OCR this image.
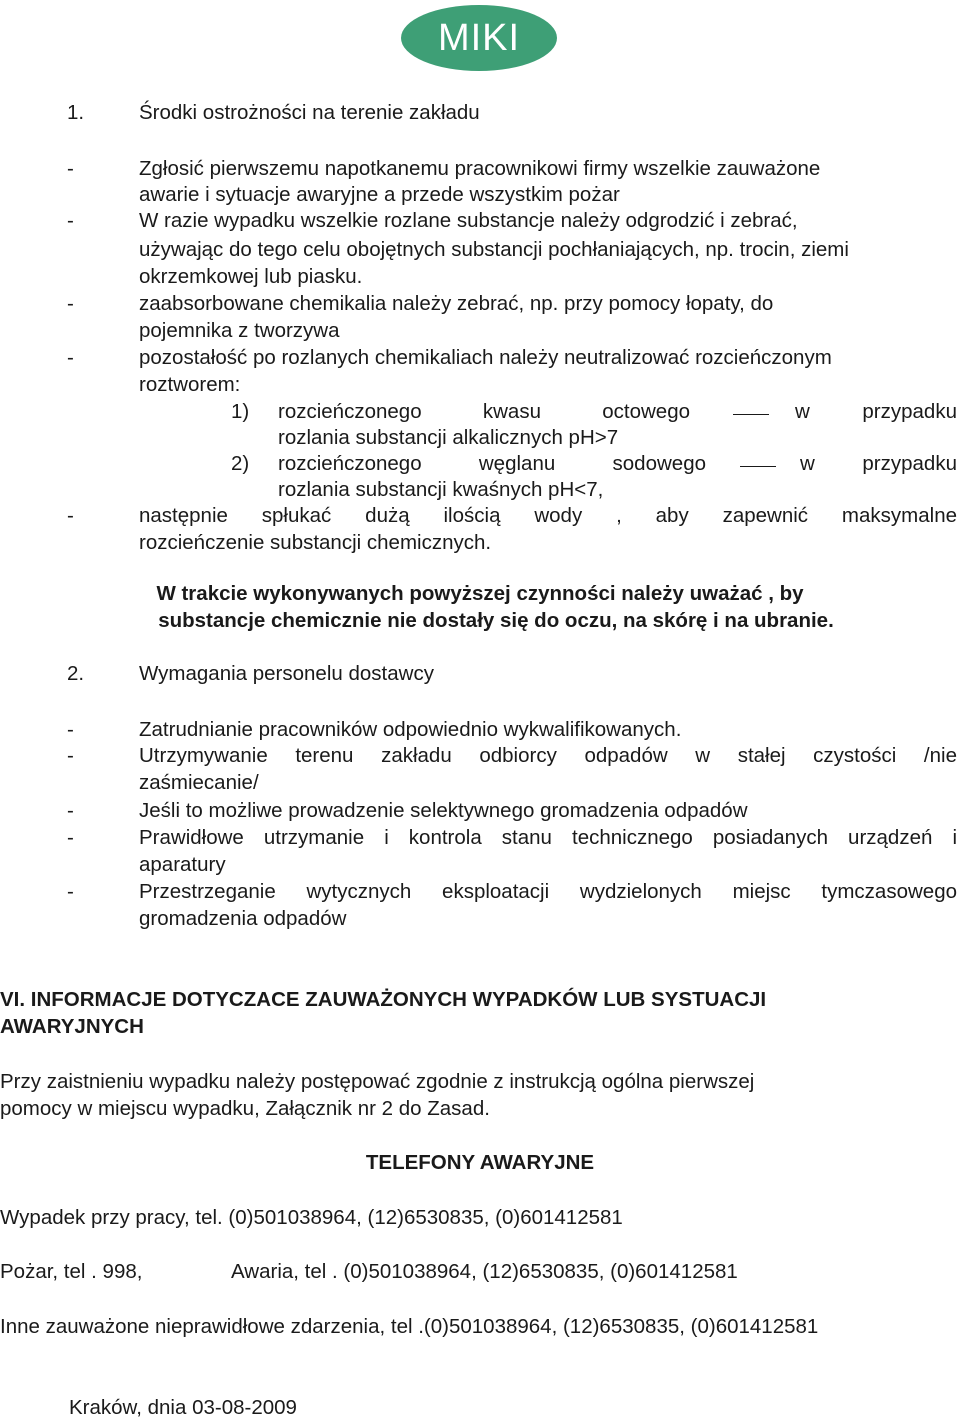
MIKI
1.	Środki ostrożności na terenie zakładu
-	Zgłosić pierwszemu napotkanemu pracownikowi firmy wszelkie zauważone
awarie i sytuacje awaryjne a przede wszystkim pożar
-	W razie wypadku wszelkie rozlane substancje należy odgrodzić i zebrać,
używając do tego celu obojętnych substancji pochłaniających, np. trocin, ziemi
okrzemkowej lub piasku.
-	zaabsorbowane chemikalia należy zebrać, np. przy pomocy łopaty, do
pojemnika z tworzywa
-	pozostałość po rozlanych chemikaliach należy neutralizować rozcieńczonym
roztworem:
1) rozcieńczonego kwasu octowego	w przypadku
rozlania substancji alkalicznych pH>7
2) rozcieńczonego węglanu sodowego	w przypadku
rozlania substancji kwaśnych pH<7,
-	następnie spłukać dużą ilością wody , aby zapewnić maksymalne
rozcieńczenie substancji chemicznych.
W trakcie wykonywanych powyższej czynności należy uważać , by
substancje chemicznie nie dostały się do oczu, na skórę i na ubranie.
2.	Wymagania personelu dostawcy
-	Zatrudnianie pracowników odpowiednio wykwalifikowanych.
-	Utrzymywanie terenu zakładu odbiorcy odpadów w stałej czystości /nie
zaśmiecanie/
-	Jeśli to możliwe prowadzenie selektywnego gromadzenia odpadów
-	Prawidłowe utrzymanie i kontrola stanu technicznego posiadanych urządzeń i
aparatury
-	Przestrzeganie wytycznych eksploatacji wydzielonych miejsc tymczasowego
gromadzenia odpadów
VI. INFORMACJE DOTYCZACE ZAUWAŻONYCH WYPADKÓW LUB SYSTUACJI
AWARYJNYCH
Przy zaistnieniu wypadku należy postępować zgodnie z instrukcją ogólna pierwszej
pomocy w miejscu wypadku, Załącznik nr 2 do Zasad.
TELEFONY AWARYJNE
Wypadek przy pracy, tel. (0)501038964, (12)6530835, (0)601412581
Pożar, tel . 998,	Awaria, tel . (0)501038964, (12)6530835, (0)601412581
Inne zauważone nieprawidłowe zdarzenia, tel .(0)501038964, (12)6530835, (0)601412581
Kraków, dnia 03-08-2009
